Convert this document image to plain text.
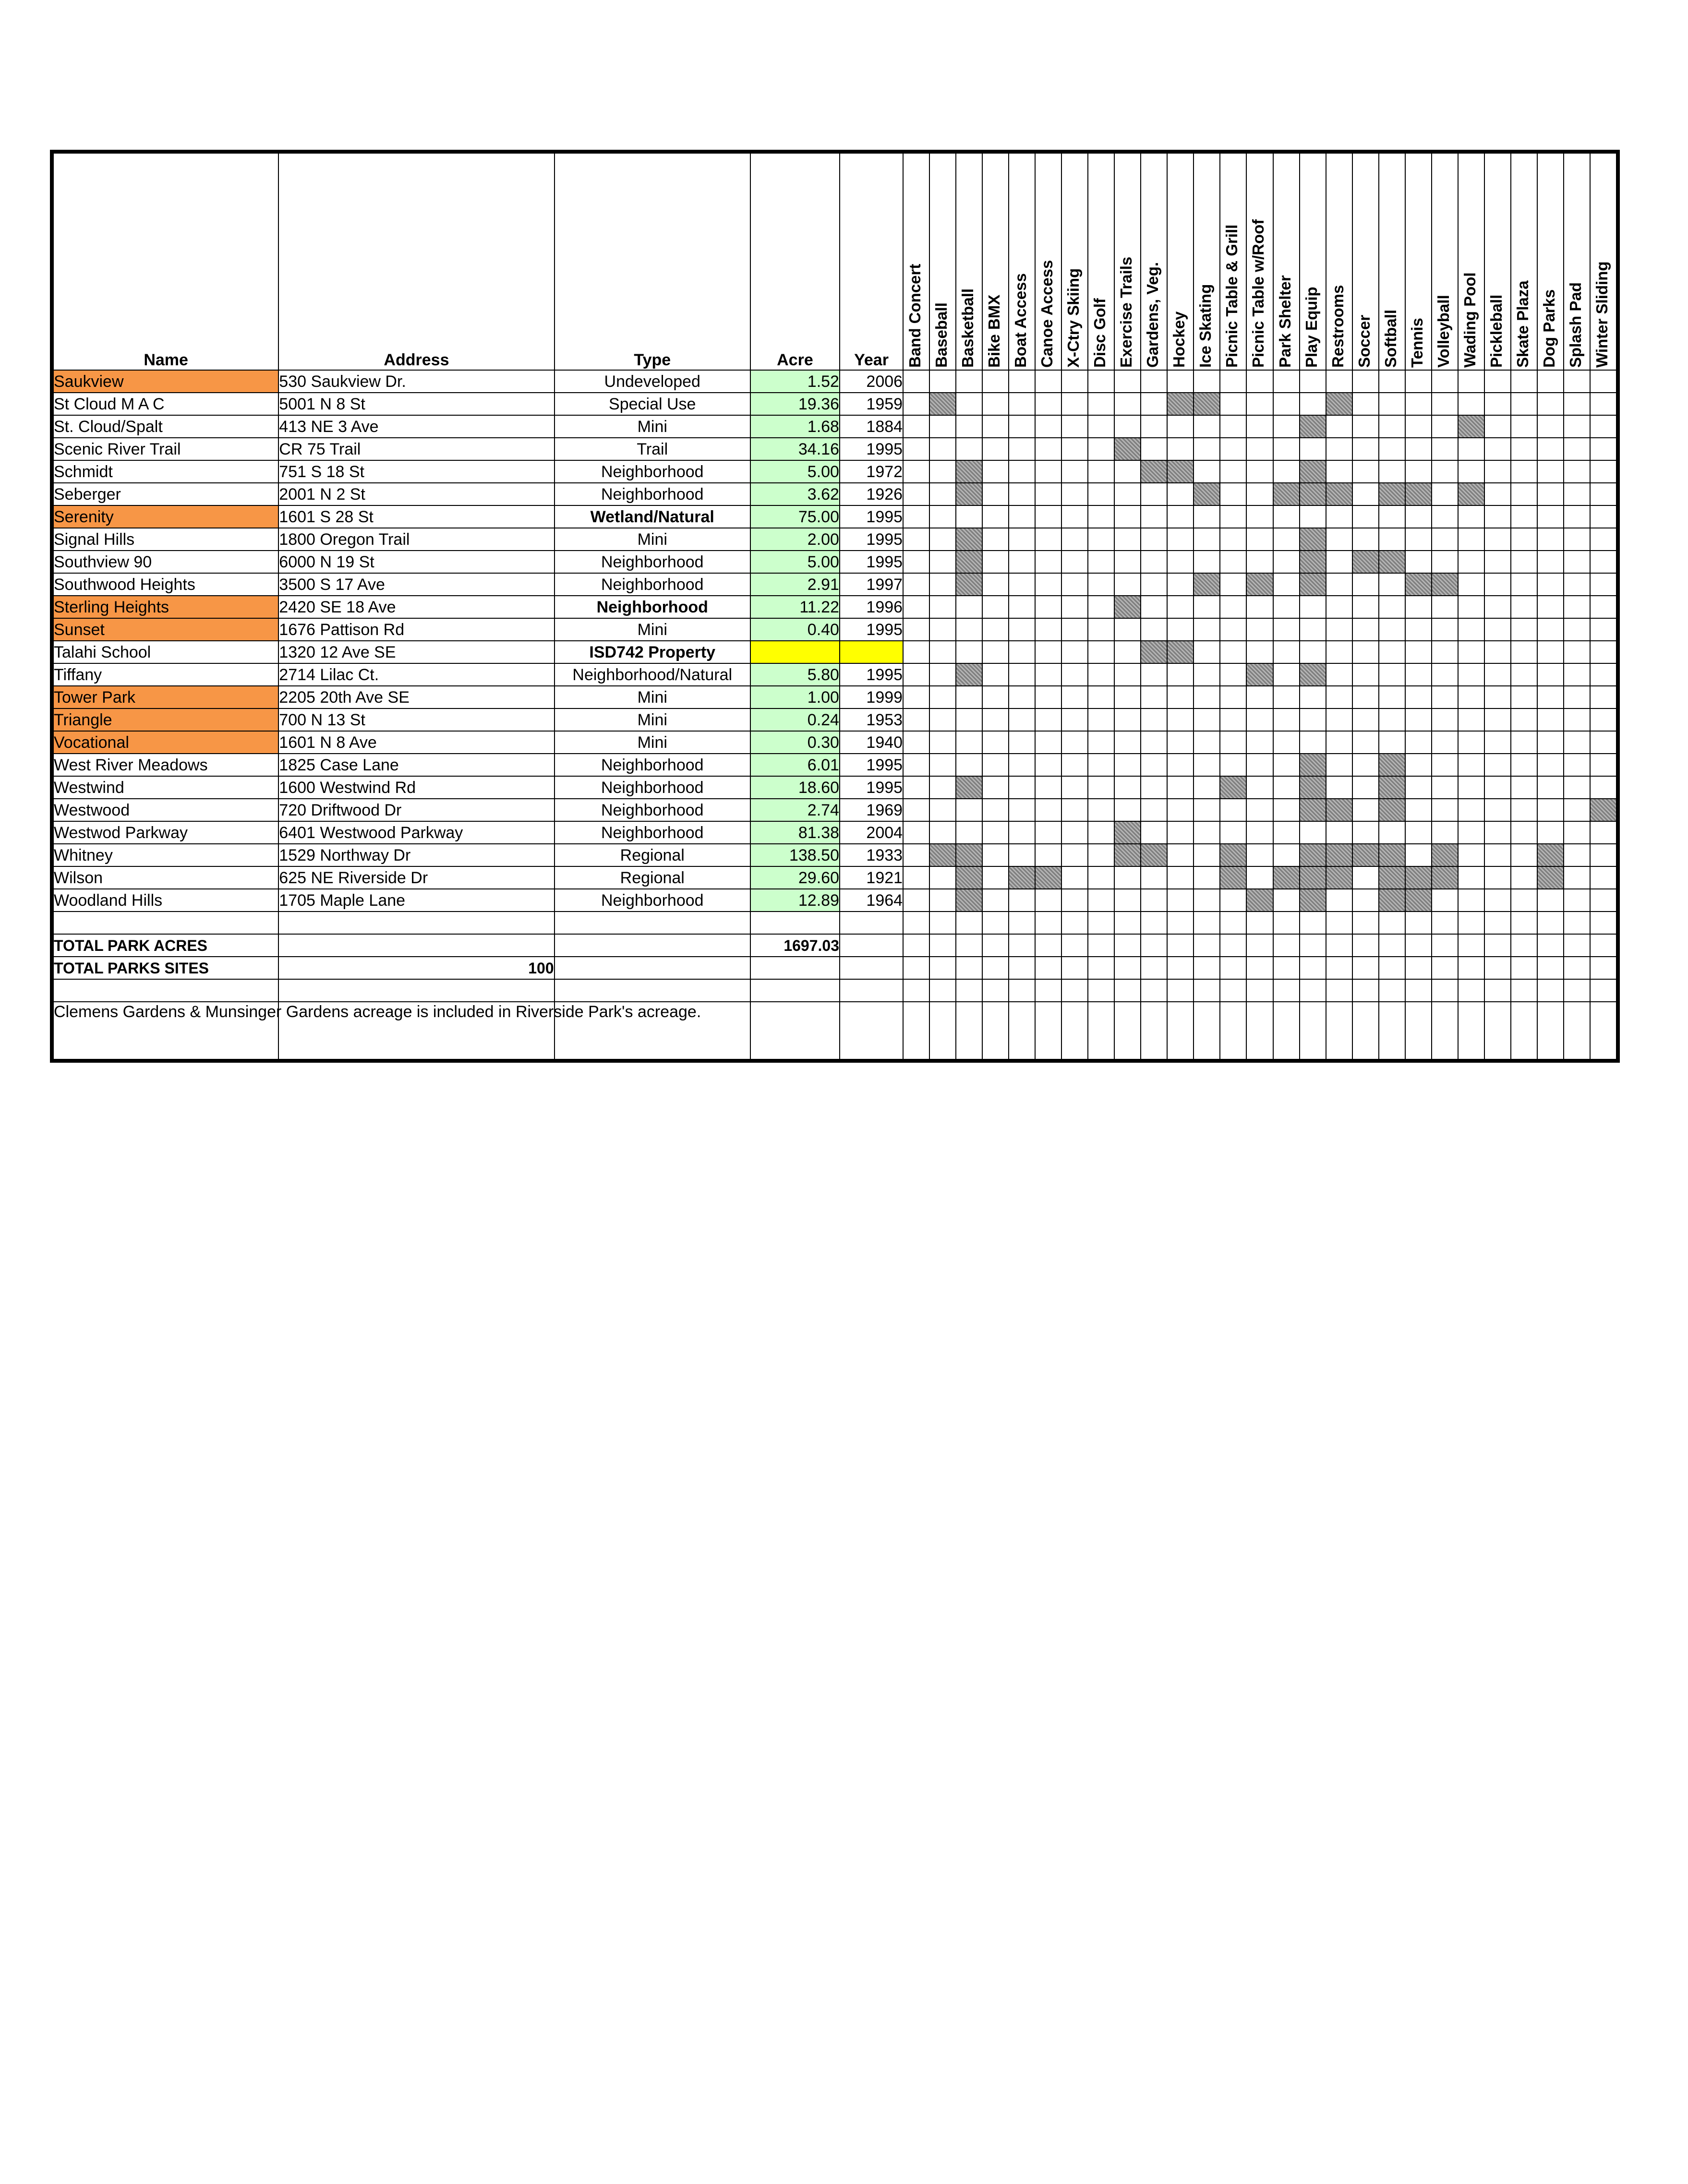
Name	Address	Type	Acre	Year	Band Concert	Baseball	Basketball	Bike BMX	Boat Access	Canoe Access	X-Ctry Skiing	Disc Golf	Exercise Trails	Gardens, Veg.	Hockey	Ice Skating	Picnic Table & Grill	Picnic Table w/Roof	Park Shelter	Play Equip	Restrooms	Soccer	Softball	Tennis	Volleyball	Wading Pool	Pickleball	Skate Plaza	Dog Parks	Splash Pad	Winter Sliding

Saukview	530 Saukview Dr.	Undeveloped	1.52	2006																											
St Cloud M A C	5001 N 8 St	Special Use	19.36	1959																											
St. Cloud/Spalt	413 NE 3 Ave	Mini	1.68	1884																											
Scenic River Trail	CR 75 Trail	Trail	34.16	1995																											
Schmidt	751 S 18 St	Neighborhood	5.00	1972																											
Seberger	2001 N 2 St	Neighborhood	3.62	1926																											
Serenity	1601 S 28 St	Wetland/Natural	75.00	1995																											
Signal Hills	1800 Oregon Trail	Mini	2.00	1995																											
Southview 90	6000 N 19 St	Neighborhood	5.00	1995																											
Southwood Heights	3500 S 17 Ave	Neighborhood	2.91	1997																											
Sterling Heights	2420 SE 18 Ave	Neighborhood	11.22	1996																											
Sunset	1676 Pattison Rd	Mini	0.40	1995																											
Talahi School	1320 12 Ave SE	ISD742 Property																													
Tiffany	2714 Lilac Ct.	Neighborhood/Natural	5.80	1995																											
Tower Park	2205 20th Ave SE	Mini	1.00	1999																											
Triangle	700 N 13 St	Mini	0.24	1953																											
Vocational	1601 N 8 Ave	Mini	0.30	1940																											
West River Meadows	1825 Case Lane	Neighborhood	6.01	1995																											
Westwind	1600 Westwind Rd	Neighborhood	18.60	1995																											
Westwood	720 Driftwood Dr	Neighborhood	2.74	1969																											
Westwod Parkway	6401 Westwood Parkway	Neighborhood	81.38	2004																											
Whitney	1529 Northway Dr	Regional	138.50	1933																											
Wilson	625 NE Riverside Dr	Regional	29.60	1921																											
Woodland Hills	1705 Maple Lane	Neighborhood	12.89	1964																											

TOTAL PARK ACRES			1697.03																												
TOTAL PARKS SITES	100																														

Clemens Gardens & Munsinger Gardens acreage is included in Riverside Park's acreage.																															
